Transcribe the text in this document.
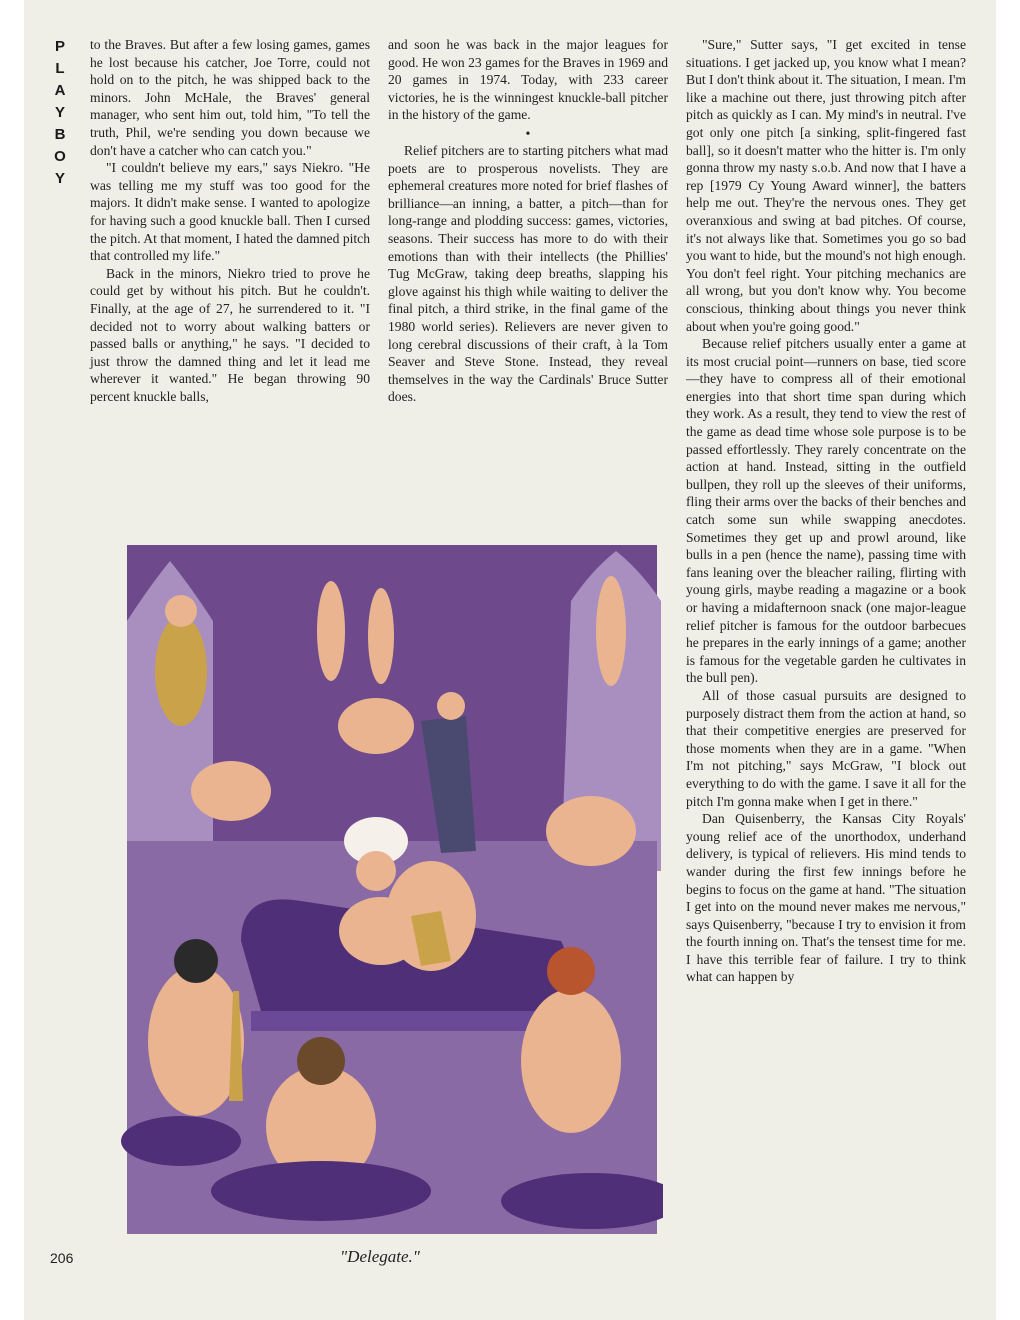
P
L
A
Y
B
O
Y

to the Braves. But after a few losing games, games he lost because his catcher, Joe Torre, could not hold on to the pitch, he was shipped back to the minors. John McHale, the Braves' general manager, who sent him out, told him, "To tell the truth, Phil, we're sending you down because we don't have a catcher who can catch you."

"I couldn't believe my ears," says Niekro. "He was telling me my stuff was too good for the majors. It didn't make sense. I wanted to apologize for having such a good knuckle ball. Then I cursed the pitch. At that moment, I hated the damned pitch that controlled my life."

Back in the minors, Niekro tried to prove he could get by without his pitch. But he couldn't. Finally, at the age of 27, he surrendered to it. "I decided not to worry about walking batters or passed balls or anything," he says. "I decided to just throw the damned thing and let it lead me wherever it wanted." He began throwing 90 percent knuckle balls,

and soon he was back in the major leagues for good. He won 23 games for the Braves in 1969 and 20 games in 1974. Today, with 233 career victories, he is the winningest knuckle-ball pitcher in the history of the game.

•

Relief pitchers are to starting pitchers what mad poets are to prosperous novelists. They are ephemeral creatures more noted for brief flashes of brilliance—an inning, a batter, a pitch—than for long-range and plodding success: games, victories, seasons. Their success has more to do with their emotions than with their intellects (the Phillies' Tug McGraw, taking deep breaths, slapping his glove against his thigh while waiting to deliver the final pitch, a third strike, in the final game of the 1980 world series). Relievers are never given to long cerebral discussions of their craft, à la Tom Seaver and Steve Stone. Instead, they reveal themselves in the way the Cardinals' Bruce Sutter does.

"Sure," Sutter says, "I get excited in tense situations. I get jacked up, you know what I mean? But I don't think about it. The situation, I mean. I'm like a machine out there, just throwing pitch after pitch as quickly as I can. My mind's in neutral. I've got only one pitch [a sinking, split-fingered fast ball], so it doesn't matter who the hitter is. I'm only gonna throw my nasty s.o.b. And now that I have a rep [1979 Cy Young Award winner], the batters help me out. They're the nervous ones. They get overanxious and swing at bad pitches. Of course, it's not always like that. Sometimes you go so bad you want to hide, but the mound's not high enough. You don't feel right. Your pitching mechanics are all wrong, but you don't know why. You become conscious, thinking about things you never think about when you're going good."

Because relief pitchers usually enter a game at its most crucial point—runners on base, tied score—they have to compress all of their emotional energies into that short time span during which they work. As a result, they tend to view the rest of the game as dead time whose sole purpose is to be passed effortlessly. They rarely concentrate on the action at hand. Instead, sitting in the outfield bullpen, they roll up the sleeves of their uniforms, fling their arms over the backs of their benches and catch some sun while swapping anecdotes. Sometimes they get up and prowl around, like bulls in a pen (hence the name), passing time with fans leaning over the bleacher railing, flirting with young girls, maybe reading a magazine or a book or having a midafternoon snack (one major-league relief pitcher is famous for the outdoor barbecues he prepares in the early innings of a game; another is famous for the vegetable garden he cultivates in the bull pen).

All of those casual pursuits are designed to purposely distract them from the action at hand, so that their competitive energies are preserved for those moments when they are in a game. "When I'm not pitching," says McGraw, "I block out everything to do with the game. I save it all for the pitch I'm gonna make when I get in there."

Dan Quisenberry, the Kansas City Royals' young relief ace of the unorthodox, underhand delivery, is typical of relievers. His mind tends to wander during the first few innings before he begins to focus on the game at hand. "The situation I get into on the mound never makes me nervous," says Quisenberry, "because I try to envision it from the fourth inning on. That's the tensest time for me. I have this terrible fear of failure. I try to think what can happen by

"Delegate."
206
